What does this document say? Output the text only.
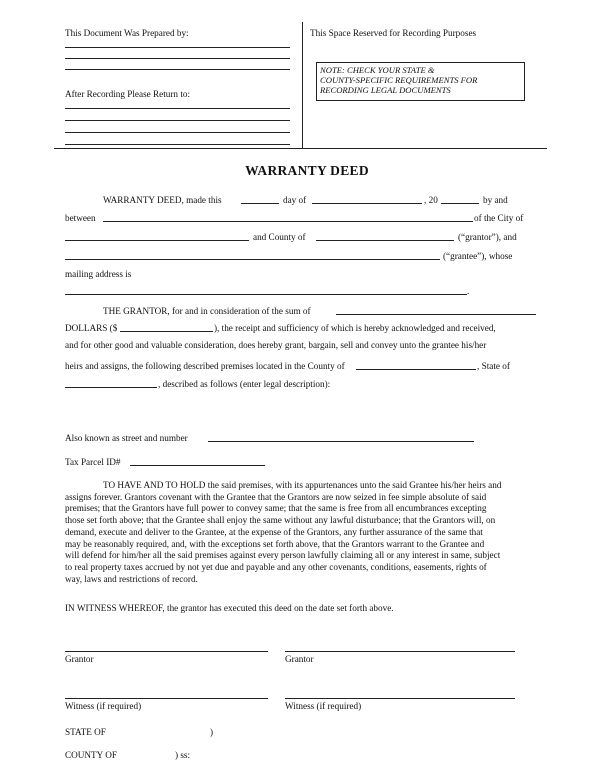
This Document Was Prepared by:
After Recording Please Return to:
This Space Reserved for Recording Purposes
NOTE: CHECK YOUR STATE &
COUNTY-SPECIFIC REQUIREMENTS FOR
RECORDING LEGAL DOCUMENTS
WARRANTY DEED
WARRANTY DEED, made this	day of	, 20	by and
between	of the City of
and County of	(“grantor”), and
(“grantee”), whose
mailing address is
.
THE GRANTOR, for and in consideration of the sum of
DOLLARS ($	), the receipt and sufficiency of which is hereby acknowledged and received,
and for other good and valuable consideration, does hereby grant, bargain, sell and convey unto the grantee his/her
heirs and assigns, the following described premises located in the County of	, State of
, described as follows (enter legal description):
Also known as street and number
Tax Parcel ID#
TO HAVE AND TO HOLD the said premises, with its appurtenances unto the said Grantee his/her heirs and
assigns forever. Grantors covenant with the Grantee that the Grantors are now seized in fee simple absolute of said
premises; that the Grantors have full power to convey same; that the same is free from all encumbrances excepting
those set forth above; that the Grantee shall enjoy the same without any lawful disturbance; that the Grantors will, on
demand, execute and deliver to the Grantee, at the expense of the Grantors, any further assurance of the same that
may be reasonably required, and, with the exceptions set forth above, that the Grantors warrant to the Grantee and
will defend for him/her all the said premises against every person lawfully claiming all or any interest in same, subject
to real property taxes accrued by not yet due and payable and any other covenants, conditions, easements, rights of
way, laws and restrictions of record.
IN WITNESS WHEREOF, the grantor has executed this deed on the date set forth above.
Grantor	Grantor
Witness (if required)	Witness (if required)
STATE OF	)
COUNTY OF	) ss:
